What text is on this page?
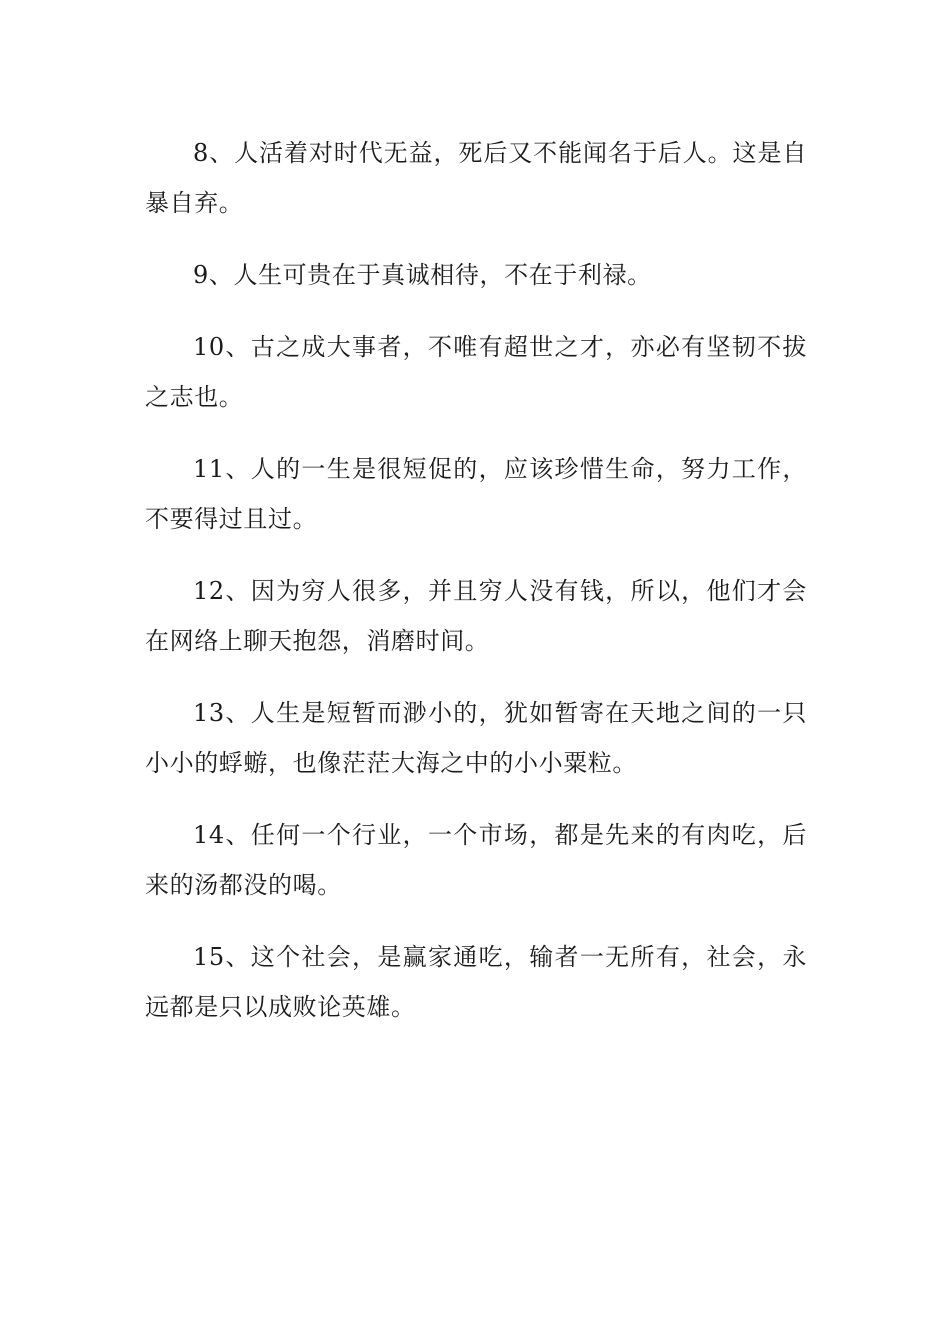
8、人活着对时代无益，死后又不能闻名于后人。这是自暴自弃。

9、人生可贵在于真诚相待，不在于利禄。

10、古之成大事者，不唯有超世之才，亦必有坚韧不拔之志也。

11、人的一生是很短促的，应该珍惜生命，努力工作，不要得过且过。

12、因为穷人很多，并且穷人没有钱，所以，他们才会在网络上聊天抱怨，消磨时间。

13、人生是短暂而渺小的，犹如暂寄在天地之间的一只小小的蜉蝣，也像茫茫大海之中的小小粟粒。

14、任何一个行业，一个市场，都是先来的有肉吃，后来的汤都没的喝。

15、这个社会，是赢家通吃，输者一无所有，社会，永远都是只以成败论英雄。
